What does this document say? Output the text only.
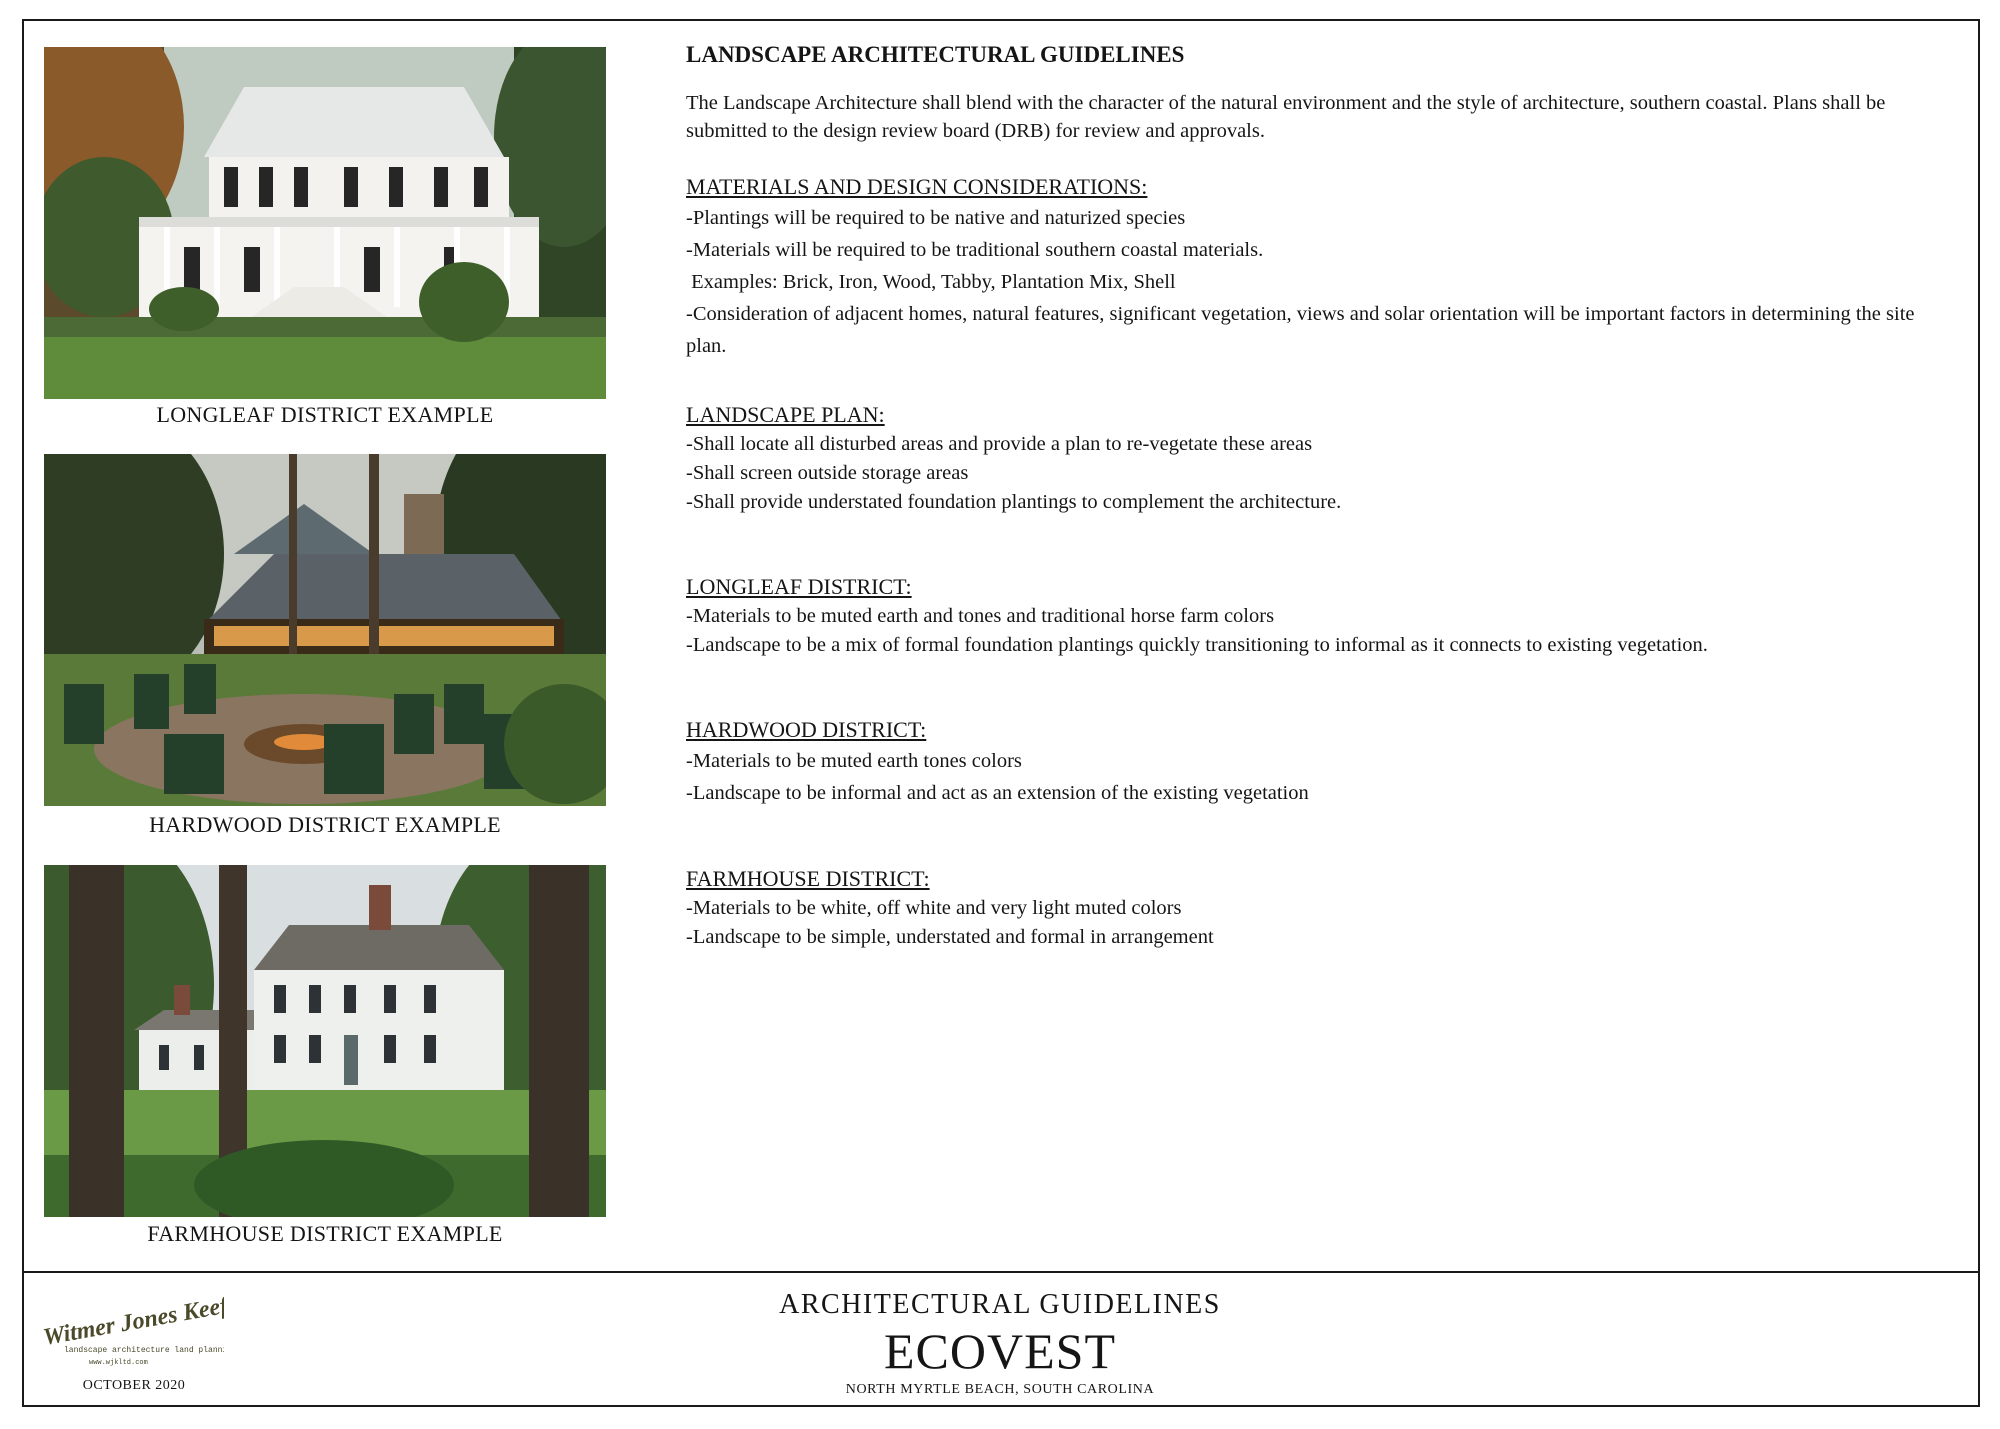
LONGLEAF DISTRICT EXAMPLE
HARDWOOD DISTRICT EXAMPLE
FARMHOUSE DISTRICT EXAMPLE
LANDSCAPE ARCHITECTURAL GUIDELINES

The Landscape Architecture shall blend with the character of the natural environment and the style of architecture, southern coastal. Plans shall be submitted to the design review board (DRB) for review and approvals.

MATERIALS AND DESIGN CONSIDERATIONS:

-Plantings will be required to be native and naturized species

-Materials will be required to be traditional southern coastal materials.

Examples: Brick, Iron, Wood, Tabby, Plantation Mix, Shell

-Consideration of adjacent homes, natural features, significant vegetation, views and solar orientation will be important factors in determining the site plan.

LANDSCAPE PLAN:

-Shall locate all disturbed areas and provide a plan to re-vegetate these areas

-Shall screen outside storage areas

-Shall provide understated foundation plantings to complement the architecture.

LONGLEAF DISTRICT:

-Materials to be muted earth and tones and traditional horse farm colors

-Landscape to be a mix of formal foundation plantings quickly transitioning to informal as it connects to existing vegetation.

HARDWOOD DISTRICT:

-Materials to be muted earth tones colors

-Landscape to be informal and act as an extension of the existing vegetation

FARMHOUSE DISTRICT:

-Materials to be white, off white and very light muted colors

-Landscape to be simple, understated and formal in arrangement

Witmer Jones Keefer
landscape architecture land planning
www.wjkltd.com
OCTOBER 2020
ARCHITECTURAL GUIDELINES
ECOVEST
NORTH MYRTLE BEACH, SOUTH CAROLINA
